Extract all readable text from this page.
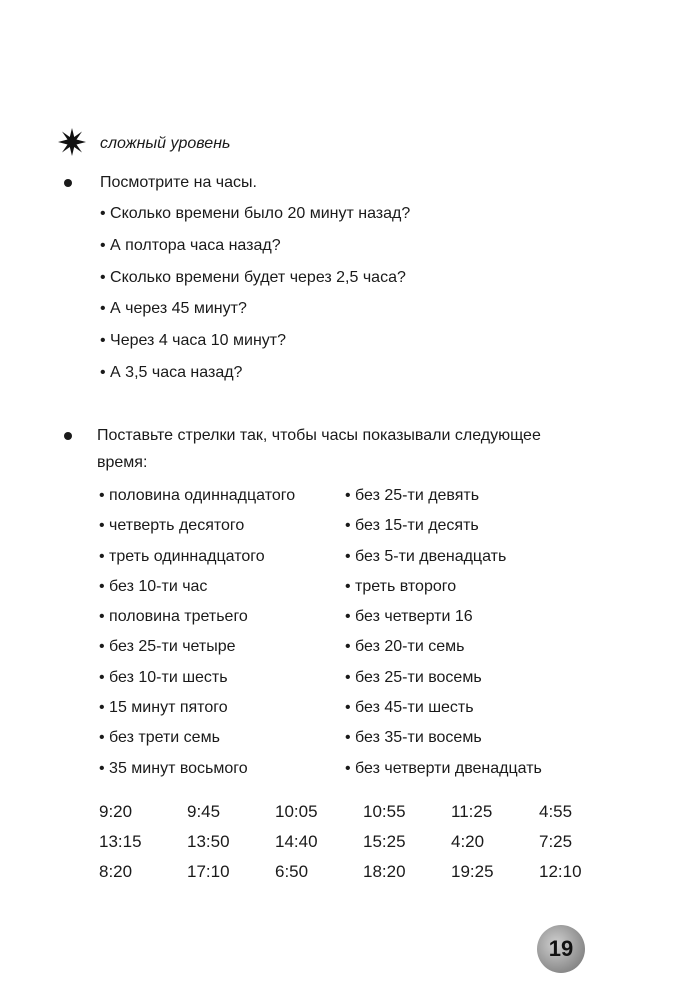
сложный уровень
Посмотрите на часы.
• Сколько времени было 20 минут назад?
• А полтора часа назад?
• Сколько времени будет через 2,5 часа?
• А через 45 минут?
• Через 4 часа 10 минут?
• А 3,5 часа назад?
Поставьте стрелки так, чтобы часы показывали следующее
время:
• половина одиннадцатого
• четверть десятого
• треть одиннадцатого
• без 10-ти час
• половина третьего
• без 25-ти четыре
• без 10-ти шесть
• 15 минут пятого
• без трети семь
• 35 минут восьмого
• без 25-ти девять
• без 15-ти десять
• без 5-ти двенадцать
• треть второго
• без четверти 16
• без 20-ти семь
• без 25-ти восемь
• без 45-ти шесть
• без 35-ти восемь
• без четверти двенадцать
9:20	9:45	10:05	10:55	11:25	4:55
13:15	13:50	14:40	15:25	4:20	7:25
8:20	17:10	6:50	18:20	19:25	12:10
19
